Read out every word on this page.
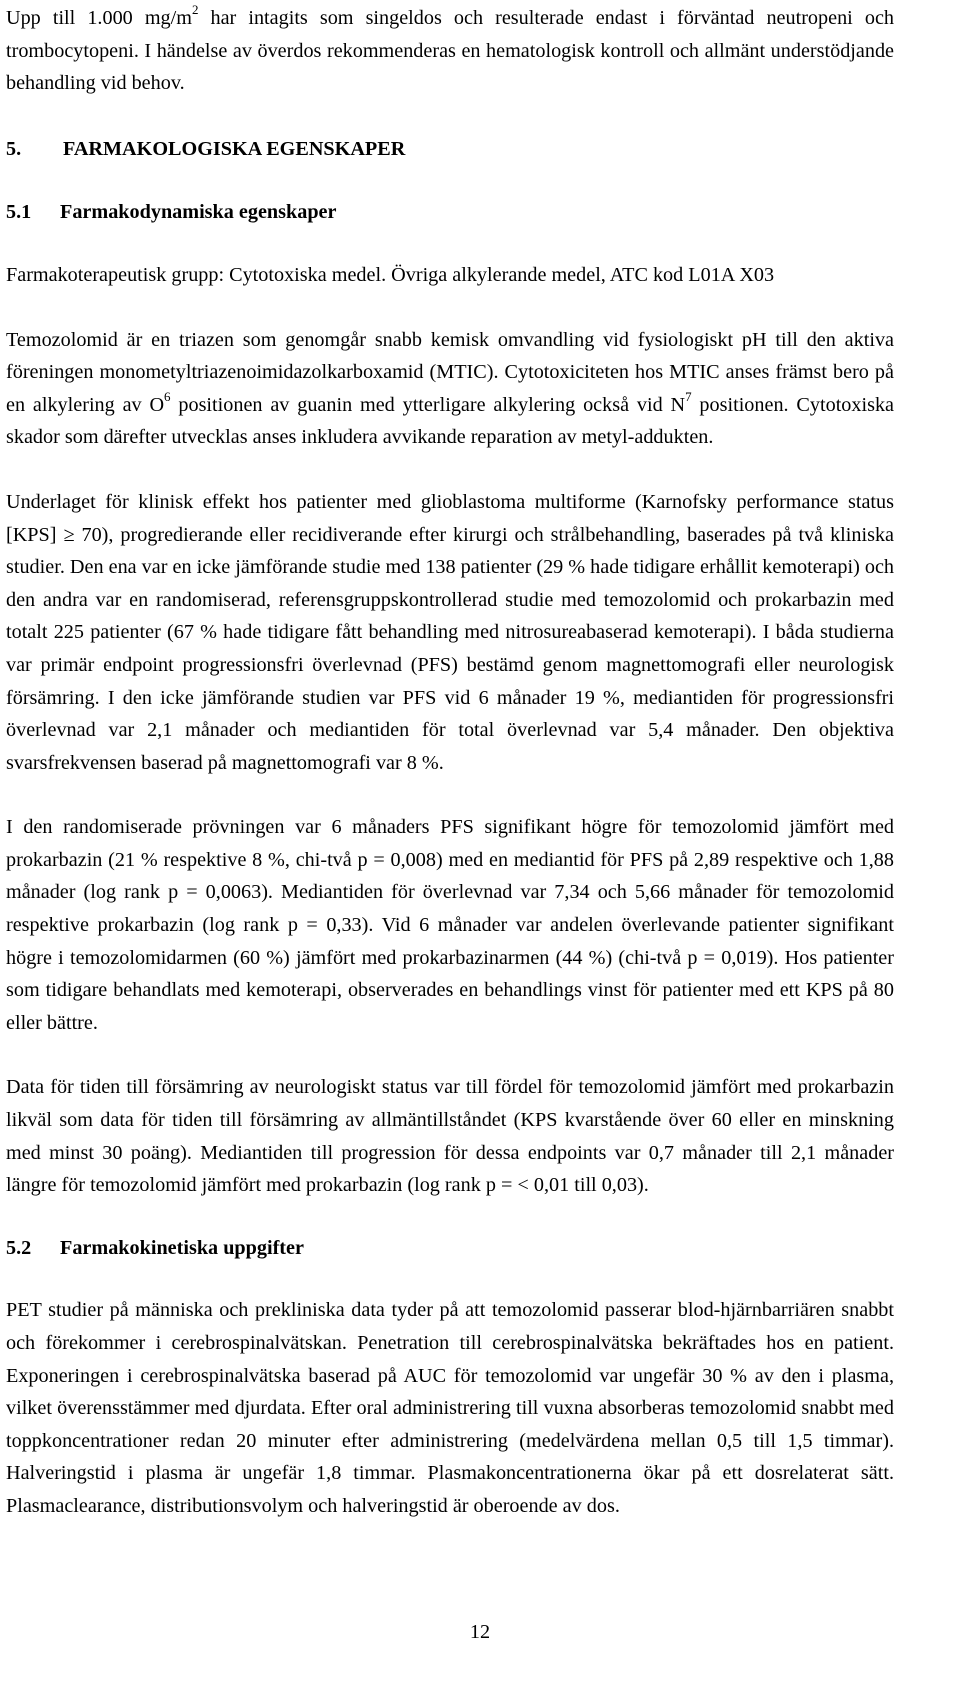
Upp till 1.000 $mg/m^2$ har intagits som singeldos och resulterade endast i förväntad neutropeni och trombocytopeni. I händelse av överdos rekommenderas en hematologisk kontroll och allmänt understödjande behandling vid behov.

5. FARMAKOLOGISKA EGENSKAPER
5.1 Farmakodynamiska egenskaper

Farmakoterapeutisk grupp: Cytotoxiska medel. Övriga alkylerande medel, ATC kod L01A X03

Temozolomid är en triazen som genomgår snabb kemisk omvandling vid fysiologiskt pH till den aktiva föreningen monometyltriazenoimidazolkarboxamid (MTIC). Cytotoxiciteten hos MTIC anses främst bero på en alkylering av $O^6$ positionen av guanin med ytterligare alkylering också vid $N^7$ positionen. Cytotoxiska skador som därefter utvecklas anses inkludera avvikande reparation av metyl-addukten.

Underlaget för klinisk effekt hos patienter med glioblastoma multiforme (Karnofsky performance status [KPS] ≥ 70), progredierande eller recidiverande efter kirurgi och strålbehandling, baserades på två kliniska studier. Den ena var en icke jämförande studie med 138 patienter (29 % hade tidigare erhållit kemoterapi) och den andra var en randomiserad, referensgruppskontrollerad studie med temozolomid och prokarbazin med totalt 225 patienter (67 % hade tidigare fått behandling med nitrosureabaserad kemoterapi). I båda studierna var primär endpoint progressionsfri överlevnad (PFS) bestämd genom magnettomografi eller neurologisk försämring. I den icke jämförande studien var PFS vid 6 månader 19 %, mediantiden för progressionsfri överlevnad var 2,1 månader och mediantiden för total överlevnad var 5,4 månader. Den objektiva svarsfrekvensen baserad på magnettomografi var 8 %.

I den randomiserade prövningen var 6 månaders PFS signifikant högre för temozolomid jämfört med prokarbazin (21 % respektive 8 %, chi-två p = 0,008) med en mediantid för PFS på 2,89 respektive och 1,88 månader (log rank p = 0,0063). Mediantiden för överlevnad var 7,34 och 5,66 månader för temozolomid respektive prokarbazin (log rank p = 0,33). Vid 6 månader var andelen överlevande patienter signifikant högre i temozolomidarmen (60 %) jämfört med prokarbazinarmen (44 %) (chi-två p = 0,019). Hos patienter som tidigare behandlats med kemoterapi, observerades en behandlings vinst för patienter med ett KPS på 80 eller bättre.

Data för tiden till försämring av neurologiskt status var till fördel för temozolomid jämfört med prokarbazin likväl som data för tiden till försämring av allmäntillståndet (KPS kvarstående över 60 eller en minskning med minst 30 poäng). Mediantiden till progression för dessa endpoints var 0,7 månader till 2,1 månader längre för temozolomid jämfört med prokarbazin (log rank p = < 0,01 till 0,03).

5.2 Farmakokinetiska uppgifter

PET studier på människa och prekliniska data tyder på att temozolomid passerar blod-hjärnbarriären snabbt och förekommer i cerebrospinalvätskan. Penetration till cerebrospinalvätska bekräftades hos en patient. Exponeringen i cerebrospinalvätska baserad på AUC för temozolomid var ungefär 30 % av den i plasma, vilket överensstämmer med djurdata. Efter oral administrering till vuxna absorberas temozolomid snabbt med toppkoncentrationer redan 20 minuter efter administrering (medelvärdena mellan 0,5 till 1,5 timmar). Halveringstid i plasma är ungefär 1,8 timmar. Plasmakoncentrationerna ökar på ett dosrelaterat sätt. Plasmaclearance, distributionsvolym och halveringstid är oberoende av dos.

12
